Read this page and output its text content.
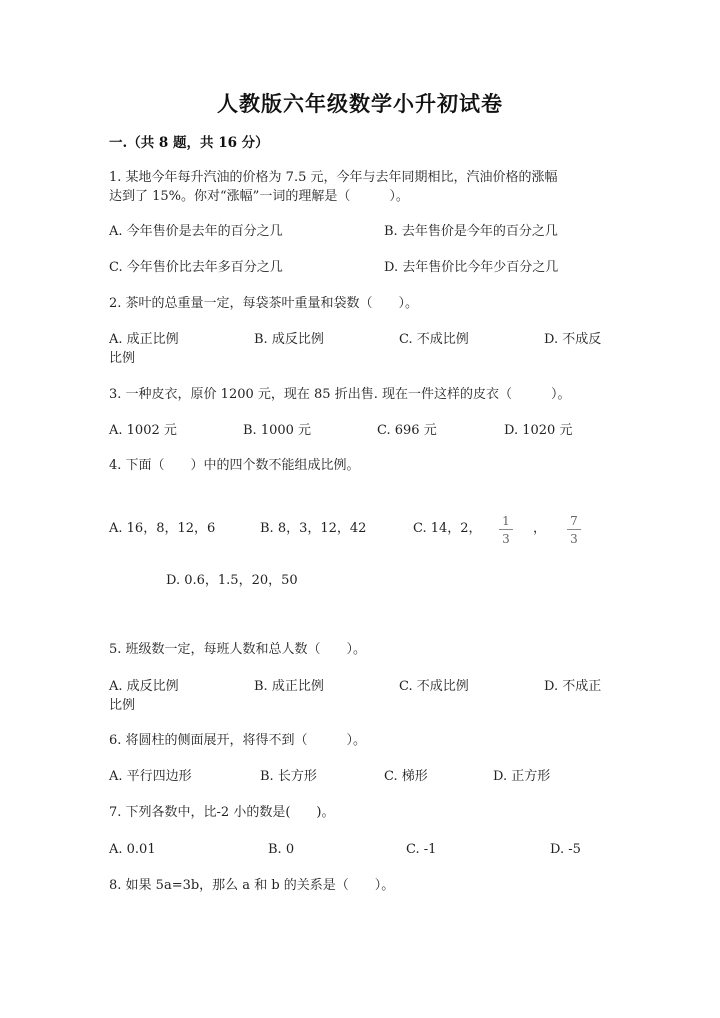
人教版六年级数学小升初试卷
一.（共 8 题，共 16 分）
1. 某地今年每升汽油的价格为 7.5 元，今年与去年同期相比，汽油价格的涨幅
达到了 15%。你对“涨幅”一词的理解是（　　　）。
A. 今年售价是去年的百分之几	B. 去年售价是今年的百分之几
C. 今年售价比去年多百分之几	D. 去年售价比今年少百分之几
2. 茶叶的总重量一定，每袋茶叶重量和袋数（　　）。
A. 成正比例	B. 成反比例	C. 不成比例	D. 不成反
比例
3. 一种皮衣，原价 1200 元，现在 85 折出售. 现在一件这样的皮衣（　　　）。
A. 1002 元	B. 1000 元	C. 696 元	D. 1020 元
4. 下面（　　）中的四个数不能组成比例。
A. 16，8，12，6	B. 8，3，12，42	C. 14，2， 1
3
， 7
3
D. 0.6，1.5，20，50
5. 班级数一定，每班人数和总人数（　　）。
A. 成反比例	B. 成正比例	C. 不成比例	D. 不成正
比例
6. 将圆柱的侧面展开，将得不到（　　　）。
A. 平行四边形	B. 长方形	C. 梯形	D. 正方形
7. 下列各数中，比-2 小的数是(　　)。
A. 0.01	B. 0	C. -1	D. -5
8. 如果 5a=3b，那么 a 和 b 的关系是（　　）。
